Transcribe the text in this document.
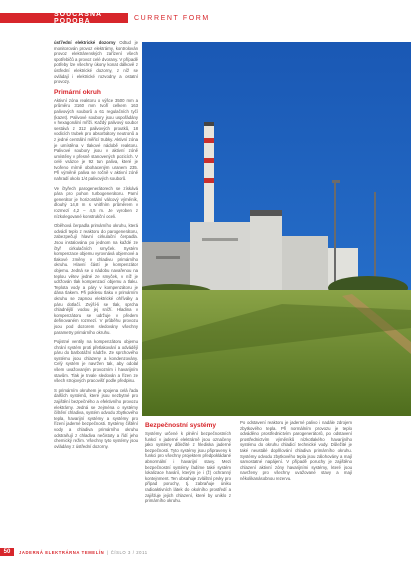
SOUČASNÁ PODOBA	CURRENT FORM

úsťřední elektrické dozorny Odtud je monitorován provoz elektrárny, kontrolován provoz elektrárenských zařízení všech spotřebičů a provoz celé dvorany. V případě potřeby lze všechny úkony konat dálkově z ústřední elektrické dozorny, z níž se ovládají i elektrické rozvodny a ostatní provozy.

Primární okruh

Aktivní zóna reaktoru o výšce 3500 mm a průměru 3160 mm tvoří celkem 163 palivových souborů a 61 regulačních tyčí (kazet). Palivové soubory jsou uspořádány v hexagonální mříži. Každý palivový soubor sestává z 312 palivových proutků, 18 vodicích trubek pro absorbátory neutronů a z jedné centrální měřicí trubky. Aktivní zóna je umístěna v tlakové nádobě reaktoru. Palivové soubory jsou v aktivní zóně umístěny v přesně stanovených pozicích. V celé vsázce je 92 tun paliva, které je tvořeno mírně obohaceným uranem 235. Při výměně paliva se ročně v aktivní zóně nahradí okolo 1/4 palivových souborů.

Ve čtyřech parogenerátorech se získává pára pro pohon turbogenerátoru. Parní generátor je horizontální válcový výměník, dlouhý 14,8 m s vnitřním průměrem v rozmezí 4,2 – 4,5 m. Je vyroben z nízkolegované konstrukční oceli.

Oběhová čerpadla primárního okruhu, která odvádí teplo z reaktoru do parogenerátoru, zabezpečují hlavní cirkulační čerpadla. Jsou instalována po jednom na každé ze čtyř cirkulačních smyček. Systém kompenzace objemu vyrovnává objemové a tlakové změny v chladivu primárního okruhu. Hlavní částí je kompenzátor objemu. Jedná se o nádobu navařenou na teplou větev jedné ze smyček, v níž je udržován tlak kompenzací objemu a tlaku. Teplota vody a páry v kompenzátoru je dána tlakem. Při poklesu tlaku v primárním okruhu se zapnou elektrické ohříváky a páru dotlačí. Zvýší-li se tlak, sprcha chladnější vodou jej sníží. Hladina v kompenzátoru se udržuje v předem definovaném rozmezí. V průběhu provozu jsou pod dozorem sledovány všechny parametry primárního okruhu.

Pojistné ventily na kompenzátoru objemu chrání systém proti přetlakování a odvádějí páru do barbotážní nádrže. Ze sprchového systému jsou chlazeny a kondenzovány. Celý systém je navržen tak, aby odolal všem uvažovaným provozním i havarijním stavům. Tlak je trvale sledován a řízen ze všech strojových pracovišť podle předpisu.

S primárním okruhem je spojena celá řada dalších systémů, které jsou nezbytné pro zajištění bezpečného a efektivního provozu elektrárny. Jedná se zejména o systémy čištění chladiva, systém odvodu zbytkového tepla, havarijní systémy a systémy pro řízení jaderné bezpečnosti. Systémy čištění vody a chladiva primárního okruhu odstraňují z chladiva nečistoty a řídí jeho chemický režim. Všechny tyto systémy jsou ovládány z ústřední dozorny.

Bezpečnostní systémy

Systémy určené k plnění bezpečnostních funkcí v jaderné elektrárně jsou označeny jako systémy důležité z hlediska jaderné bezpečnosti. Tyto systémy jsou připraveny k funkci pro všechny projektem předpokládané abnormální i havarijní stavy. Mezi bezpečnostní systémy řadíme také systém lokalizace havárií, kterým je i (ž) ochranný kontejnment. Ten obsahuje zvláštní prvky pro případ poruchy, tj. zabraňuje úniku radioaktivních látek do okolního prostředí a zajišťuje jejich chlazení, které by uniklo z primárního okruhu.

Po odstavení reaktoru je jaderné palivo i nadále zdrojem zbytkového tepla. Při normálním provozu je teplo odváděno prostřednictvím parogenerátorů, po odstavení prostřednictvím výměníků nízkotlakého havarijního systému do okruhu chladicí technické vody. Důležité je také neustálé doplňování chladiva primárního okruhu. Systémy odvodu zbytkového tepla jsou zálohovány a mají samostatné napájení. V případě poruchy je zajištěno chlazení aktivní zóny havarijními systémy, které jsou navrženy pro všechny uvažované stavy a mají několikanásobnou rezervu.

50	JADERNÁ ELEKTRÁRNA TEMELÍN | ČÍSLO 3 / 2011
